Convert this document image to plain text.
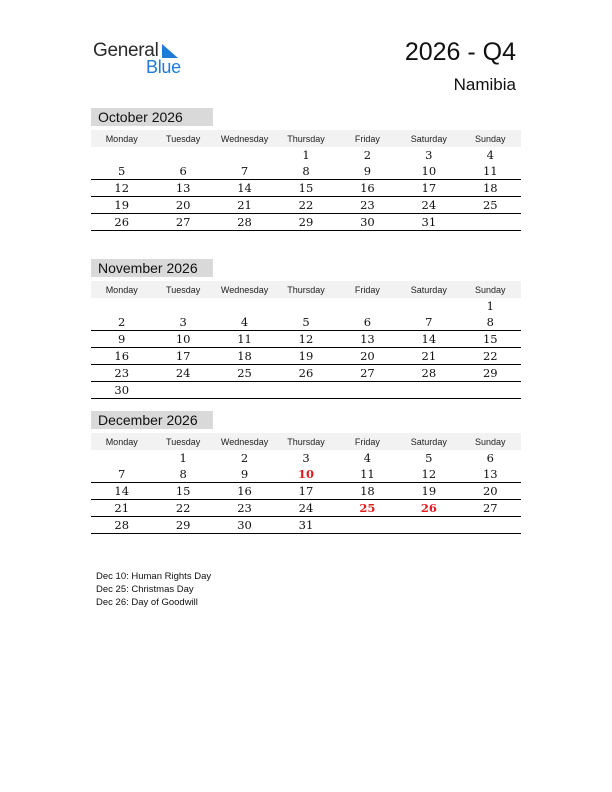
General
Blue
2026 - Q4
Namibia
October 2026
Monday	Tuesday	Wednesday	Thursday	Friday	Saturday	Sunday
			1	2	3	4
5	6	7	8	9	10	11
12	13	14	15	16	17	18
19	20	21	22	23	24	25
26	27	28	29	30	31	
November 2026
Monday	Tuesday	Wednesday	Thursday	Friday	Saturday	Sunday
						1
2	3	4	5	6	7	8
9	10	11	12	13	14	15
16	17	18	19	20	21	22
23	24	25	26	27	28	29
30						
December 2026
Monday	Tuesday	Wednesday	Thursday	Friday	Saturday	Sunday
	1	2	3	4	5	6
7	8	9	10	11	12	13
14	15	16	17	18	19	20
21	22	23	24	25	26	27
28	29	30	31			
Dec 10: Human Rights Day
Dec 25: Christmas Day
Dec 26: Day of Goodwill
